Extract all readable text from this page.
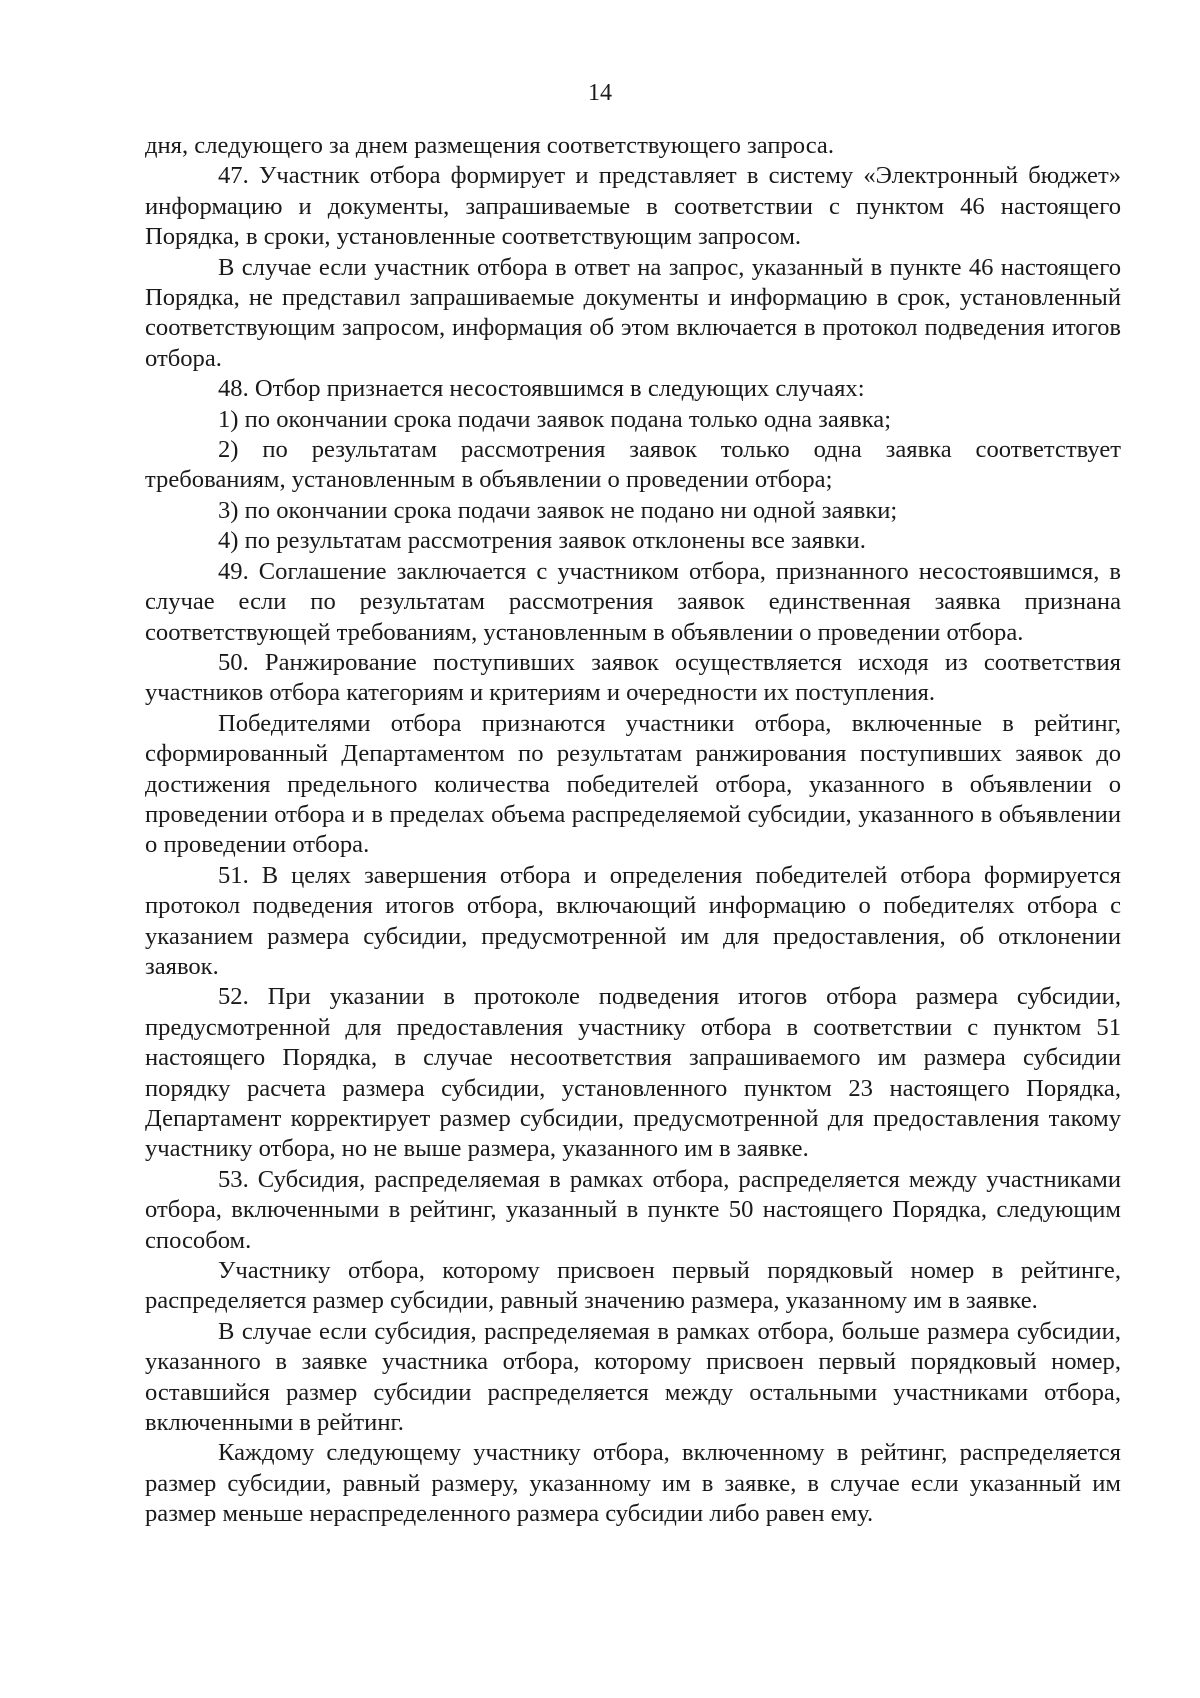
14

дня, следующего за днем размещения соответствующего запроса.

47. Участник отбора формирует и представляет в систему «Электронный бюджет» информацию и документы, запрашиваемые в соответствии с пунктом 46 настоящего Порядка, в сроки, установленные соответствующим запросом.

В случае если участник отбора в ответ на запрос, указанный в пункте 46 настоящего Порядка, не представил запрашиваемые документы и информацию в срок, установленный соответствующим запросом, информация об этом включается в протокол подведения итогов отбора.

48. Отбор признается несостоявшимся в следующих случаях:

1) по окончании срока подачи заявок подана только одна заявка;

2) по результатам рассмотрения заявок только одна заявка соответствует требованиям, установленным в объявлении о проведении отбора;

3) по окончании срока подачи заявок не подано ни одной заявки;

4) по результатам рассмотрения заявок отклонены все заявки.

49. Соглашение заключается с участником отбора, признанного несостоявшимся, в случае если по результатам рассмотрения заявок единственная заявка признана соответствующей требованиям, установленным в объявлении о проведении отбора.

50. Ранжирование поступивших заявок осуществляется исходя из соответствия участников отбора категориям и критериям и очередности их поступления.

Победителями отбора признаются участники отбора, включенные в рейтинг, сформированный Департаментом по результатам ранжирования поступивших заявок до достижения предельного количества победителей отбора, указанного в объявлении о проведении отбора и в пределах объема распределяемой субсидии, указанного в объявлении о проведении отбора.

51. В целях завершения отбора и определения победителей отбора формируется протокол подведения итогов отбора, включающий информацию о победителях отбора с указанием размера субсидии, предусмотренной им для предоставления, об отклонении заявок.

52. При указании в протоколе подведения итогов отбора размера субсидии, предусмотренной для предоставления участнику отбора в соответствии с пунктом 51 настоящего Порядка, в случае несоответствия запрашиваемого им размера субсидии порядку расчета размера субсидии, установленного пунктом 23 настоящего Порядка, Департамент корректирует размер субсидии, предусмотренной для предоставления такому участнику отбора, но не выше размера, указанного им в заявке.

53. Субсидия, распределяемая в рамках отбора, распределяется между участниками отбора, включенными в рейтинг, указанный в пункте 50 настоящего Порядка, следующим способом.

Участнику отбора, которому присвоен первый порядковый номер в рейтинге, распределяется размер субсидии, равный значению размера, указанному им в заявке.

В случае если субсидия, распределяемая в рамках отбора, больше размера субсидии, указанного в заявке участника отбора, которому присвоен первый порядковый номер, оставшийся размер субсидии распределяется между остальными участниками отбора, включенными в рейтинг.

Каждому следующему участнику отбора, включенному в рейтинг, распределяется размер субсидии, равный размеру, указанному им в заявке, в случае если указанный им размер меньше нераспределенного размера субсидии либо равен ему.
